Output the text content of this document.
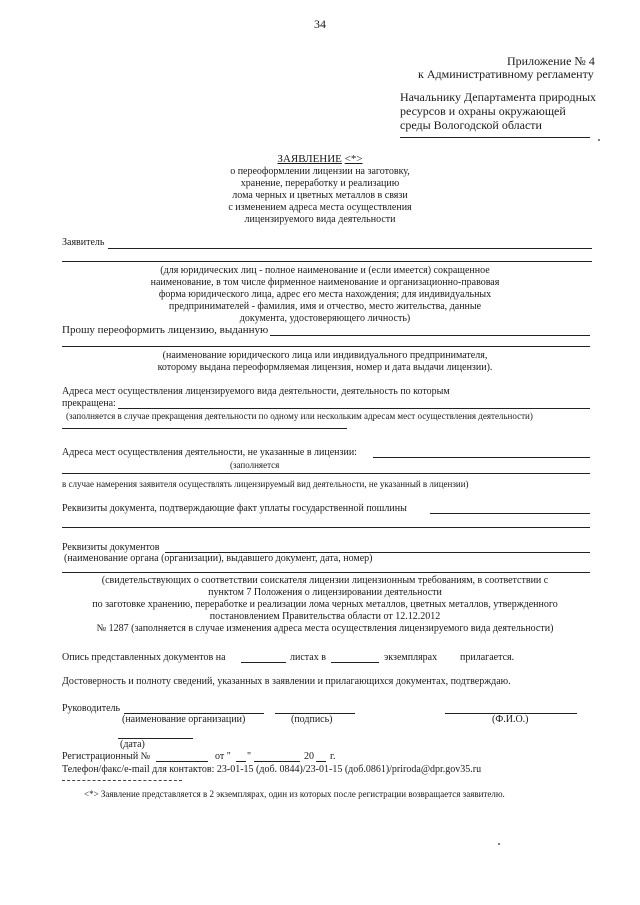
34
Приложение № 4
к Административному регламенту
Начальнику Департамента природных
ресурсов и охраны окружающей
среды Вологодской области
ЗАЯВЛЕНИЕ <*>
о переоформлении лицензии на заготовку,
хранение, переработку и реализацию
лома черных и цветных металлов в связи
с изменением адреса места осуществления
лицензируемого вида деятельности
Заявитель
(для юридических лиц - полное наименование и (если имеется) сокращенное
наименование, в том числе фирменное наименование и организационно-правовая
форма юридического лица, адрес его места нахождения; для индивидуальных
предпринимателей - фамилия, имя и отчество, место жительства, данные
документа, удостоверяющего личность)
Прошу переоформить лицензию, выданную
(наименование юридического лица или индивидуального предпринимателя,
которому выдана переоформляемая лицензия, номер и дата выдачи лицензии).
Адреса мест осуществления лицензируемого вида деятельности, деятельность по которым
прекращена:
(заполняется в случае прекращения деятельности по одному или нескольким адресам мест осуществления деятельности)
Адреса мест осуществления деятельности, не указанные в лицензии:
(заполняется
в случае намерения заявителя осуществлять лицензируемый вид деятельности, не указанный в лицензии)
Реквизиты документа, подтверждающие факт уплаты государственной пошлины
Реквизиты документов
(наименование органа (организации), выдавшего документ, дата, номер)
(свидетельствующих о соответствии соискателя лицензии лицензионным требованиям, в соответствии с
пунктом 7 Положения о лицензировании деятельности
по заготовке хранению, переработке и реализации лома черных металлов, цветных металлов, утвержденного
постановлением Правительства области от 12.12.2012
№ 1287 (заполняется в случае изменения адреса места осуществления лицензируемого вида деятельности)
Опись представленных документов на	листах в	экземплярах прилагается.
Достоверность и полноту сведений, указанных в заявлении и прилагающихся документах, подтверждаю.
Руководитель
(наименование организации)	(подпись)	(Ф.И.О.)
(дата)
Регистрационный №	от " "	20 г.
Телефон/факс/e-mail для контактов: 23-01-15 (доб. 0844)/23-01-15 (доб.0861)/priroda@dpr.gov35.ru
<*> Заявление представляется в 2 экземплярах, один из которых после регистрации возвращается заявителю.
